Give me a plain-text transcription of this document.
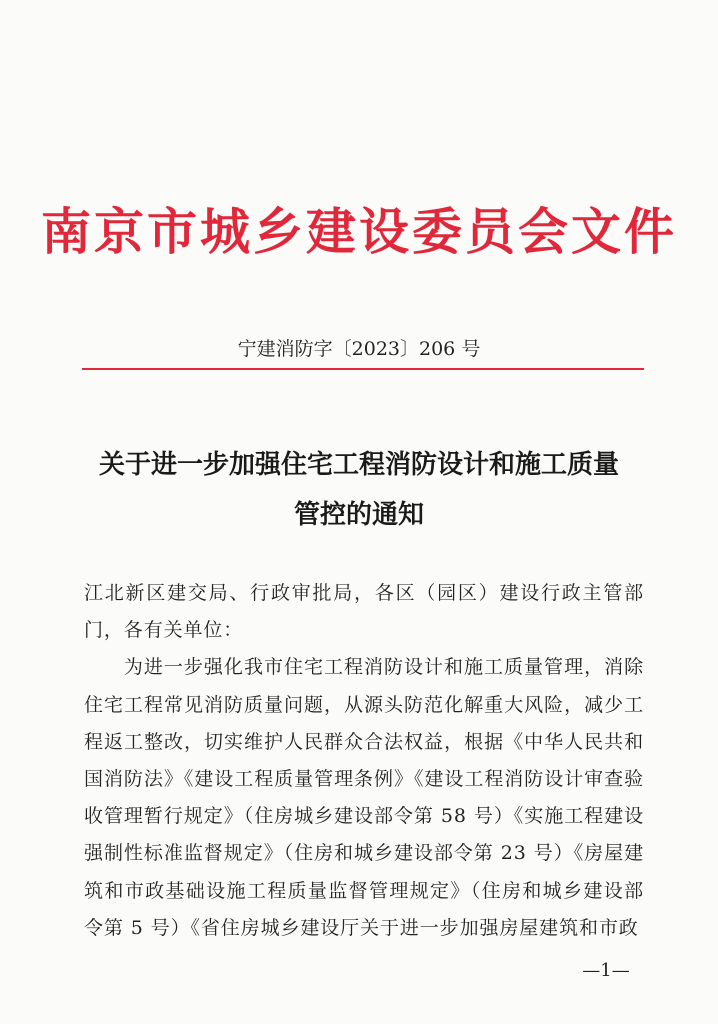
南京市城乡建设委员会文件
宁建消防字〔2023〕206 号
关于进一步加强住宅工程消防设计和施工质量
管控的通知

江北新区建交局、行政审批局，各区（园区）建设行政主管部门，各有关单位：

为进一步强化我市住宅工程消防设计和施工质量管理，消除住宅工程常见消防质量问题，从源头防范化解重大风险，减少工程返工整改，切实维护人民群众合法权益，根据《中华人民共和国消防法》《建设工程质量管理条例》《建设工程消防设计审查验收管理暂行规定》（住房城乡建设部令第 58 号）《实施工程建设强制性标准监督规定》（住房和城乡建设部令第 23 号）《房屋建筑和市政基础设施工程质量监督管理规定》（住房和城乡建设部令第 5 号）《省住房城乡建设厅关于进一步加强房屋建筑和市政

—1—
